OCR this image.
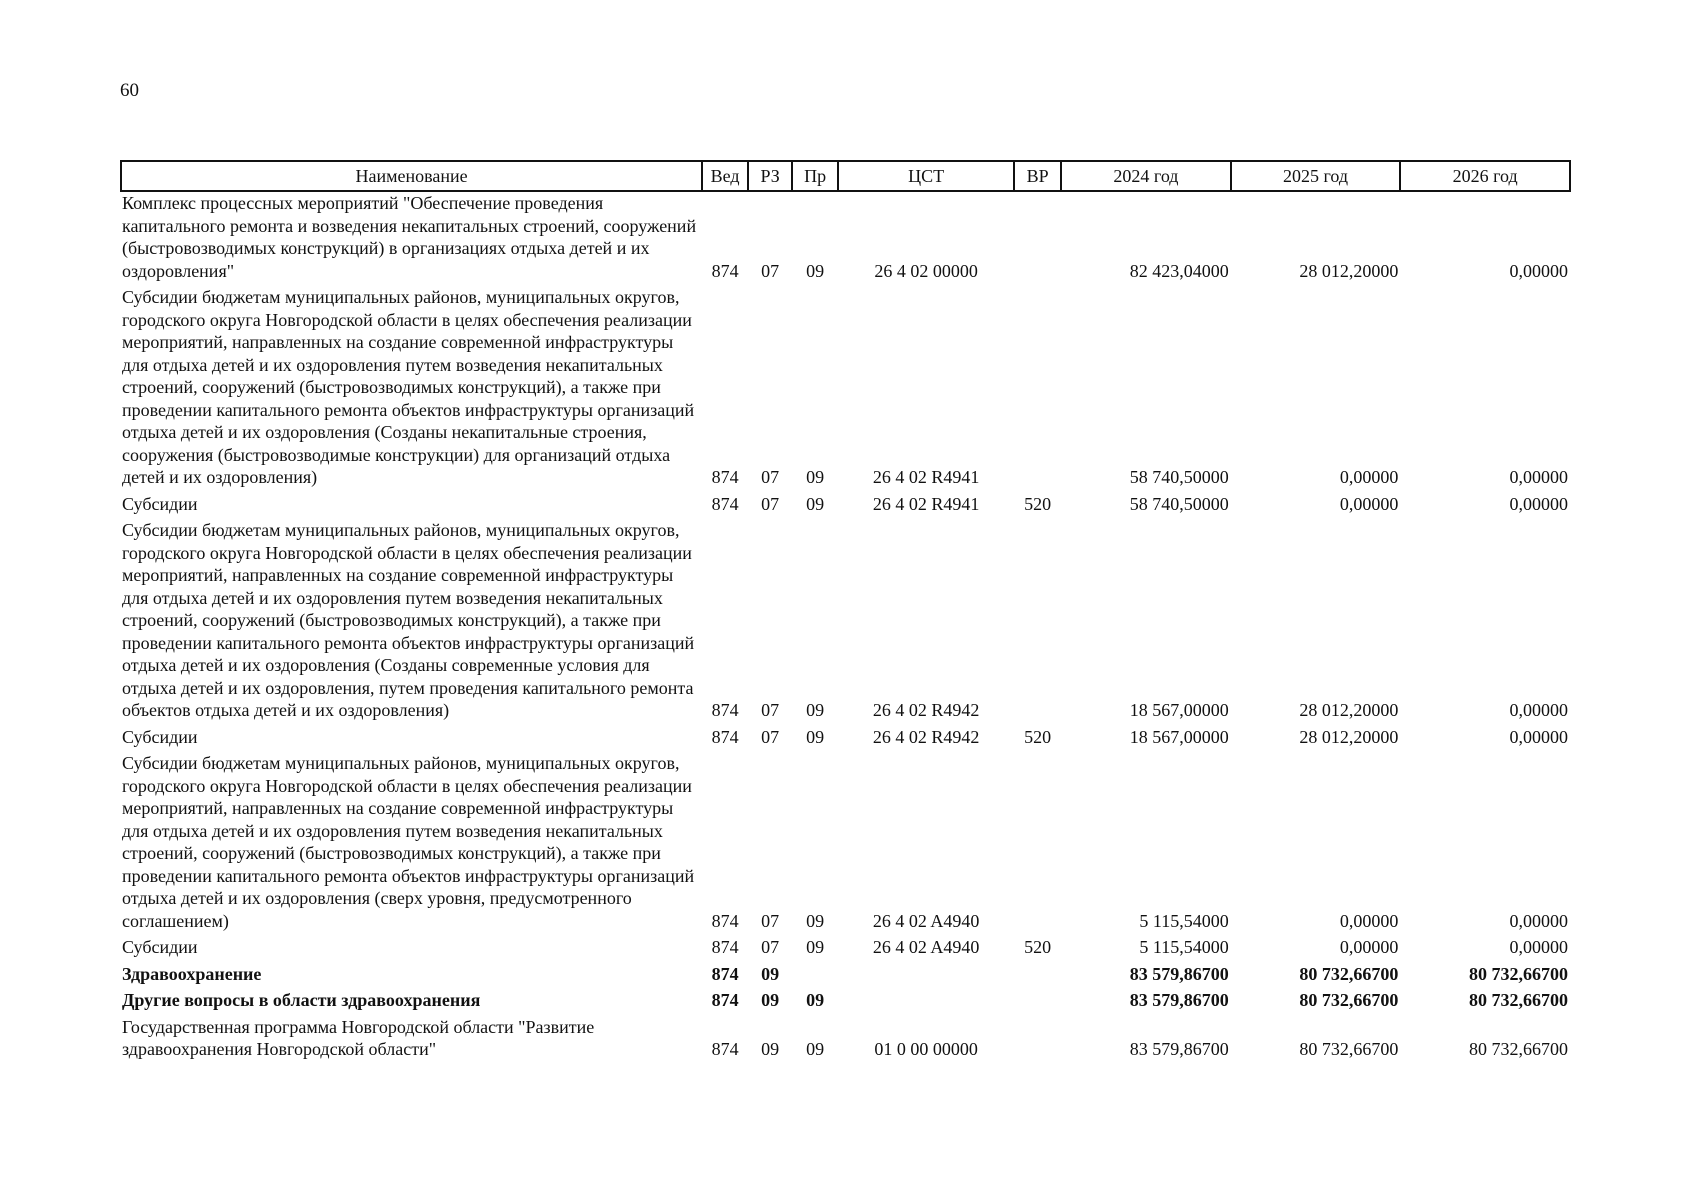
60
Наименование	Вед	РЗ	Пр	ЦСТ	ВР	2024 год	2025 год	2026 год
Комплекс процессных мероприятий "Обеспечение проведения капитального ремонта и возведения некапитальных строений, сооружений (быстровозводимых конструкций) в организациях отдыха детей и их оздоровления"	874	07	09	26 4 02 00000		82 423,04000	28 012,20000	0,00000
Субсидии бюджетам муниципальных районов, муниципальных округов, городского округа Новгородской области в целях обеспечения реализации мероприятий, направленных на создание современной инфраструктуры для отдыха детей и их оздоровления путем возведения некапитальных строений, сооружений (быстровозводимых конструкций), а также при проведении капитального ремонта объектов инфраструктуры организаций отдыха детей и их оздоровления (Созданы некапитальные строения, сооружения (быстровозводимые конструкции) для организаций отдыха детей и их оздоровления)	874	07	09	26 4 02 R4941		58 740,50000	0,00000	0,00000
Субсидии	874	07	09	26 4 02 R4941	520	58 740,50000	0,00000	0,00000
Субсидии бюджетам муниципальных районов, муниципальных округов, городского округа Новгородской области в целях обеспечения реализации мероприятий, направленных на создание современной инфраструктуры для отдыха детей и их оздоровления путем возведения некапитальных строений, сооружений (быстровозводимых конструкций), а также при проведении капитального ремонта объектов инфраструктуры организаций отдыха детей и их оздоровления (Созданы современные условия для отдыха детей и их оздоровления, путем проведения капитального ремонта объектов отдыха детей и их оздоровления)	874	07	09	26 4 02 R4942		18 567,00000	28 012,20000	0,00000
Субсидии	874	07	09	26 4 02 R4942	520	18 567,00000	28 012,20000	0,00000
Субсидии бюджетам муниципальных районов, муниципальных округов, городского округа Новгородской области в целях обеспечения реализации мероприятий, направленных на создание современной инфраструктуры для отдыха детей и их оздоровления путем возведения некапитальных строений, сооружений (быстровозводимых конструкций), а также при проведении капитального ремонта объектов инфраструктуры организаций отдыха детей и их оздоровления (сверх уровня, предусмотренного соглашением)	874	07	09	26 4 02 A4940		5 115,54000	0,00000	0,00000
Субсидии	874	07	09	26 4 02 A4940	520	5 115,54000	0,00000	0,00000
Здравоохранение	874	09				83 579,86700	80 732,66700	80 732,66700
Другие вопросы в области здравоохранения	874	09	09			83 579,86700	80 732,66700	80 732,66700
Государственная программа Новгородской области "Развитие здравоохранения Новгородской области"	874	09	09	01 0 00 00000		83 579,86700	80 732,66700	80 732,66700
